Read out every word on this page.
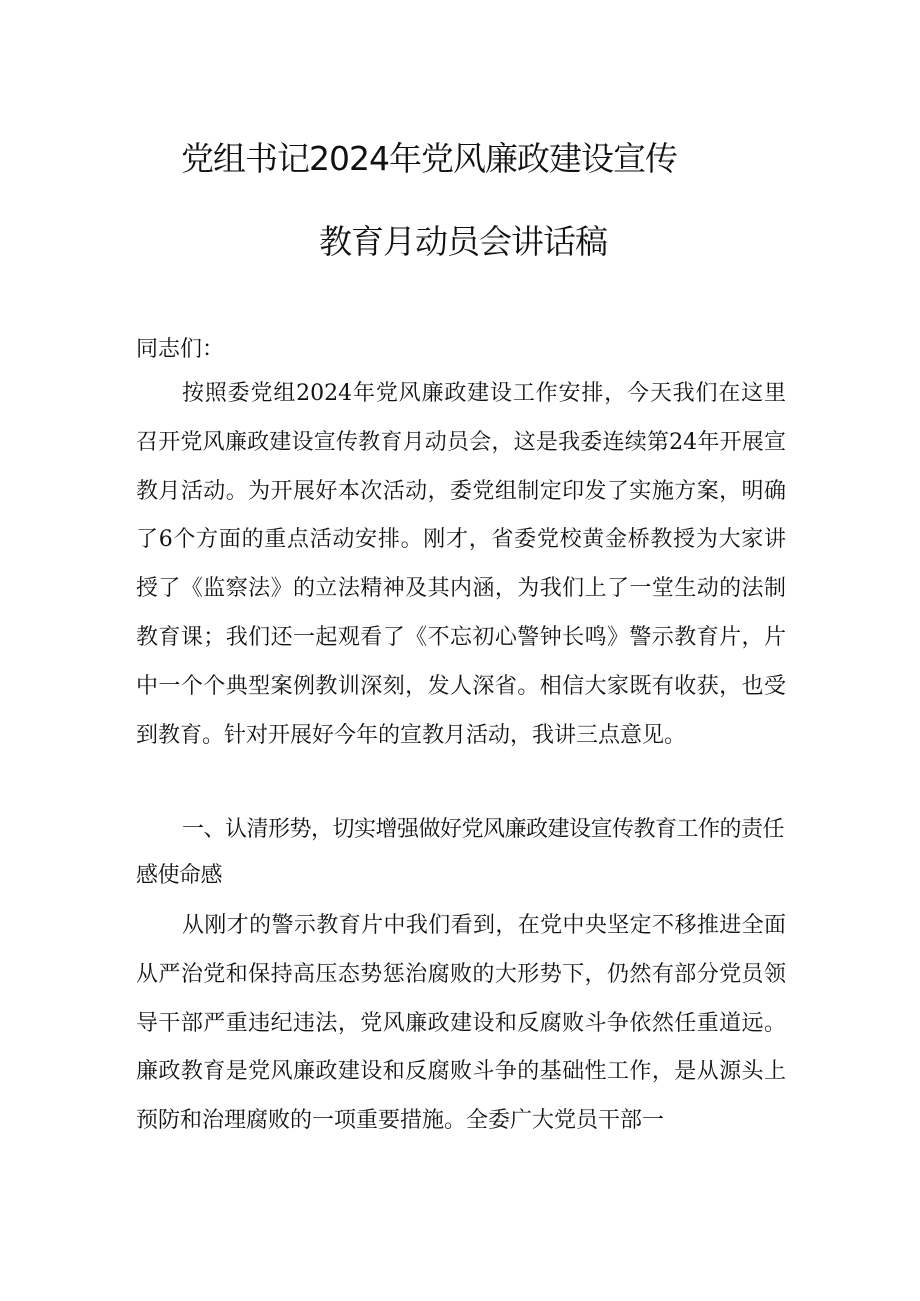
党组书记2024年党风廉政建设宣传
教育月动员会讲话稿
同志们：
按照委党组2024年党风廉政建设工作安排，今天我们在这里召开党风廉政建设宣传教育月动员会，这是我委连续第24年开展宣教月活动。为开展好本次活动，委党组制定印发了实施方案，明确了6个方面的重点活动安排。刚才，省委党校黄金桥教授为大家讲授了《监察法》的立法精神及其内涵，为我们上了一堂生动的法制教育课；我们还一起观看了《不忘初心警钟长鸣》警示教育片，片中一个个典型案例教训深刻，发人深省。相信大家既有收获，也受到教育。针对开展好今年的宣教月活动，我讲三点意见。
一、认清形势，切实增强做好党风廉政建设宣传教育工作的责任感使命感
从刚才的警示教育片中我们看到，在党中央坚定不移推进全面从严治党和保持高压态势惩治腐败的大形势下，仍然有部分党员领导干部严重违纪违法，党风廉政建设和反腐败斗争依然任重道远。廉政教育是党风廉政建设和反腐败斗争的基础性工作，是从源头上预防和治理腐败的一项重要措施。全委广大党员干部一
